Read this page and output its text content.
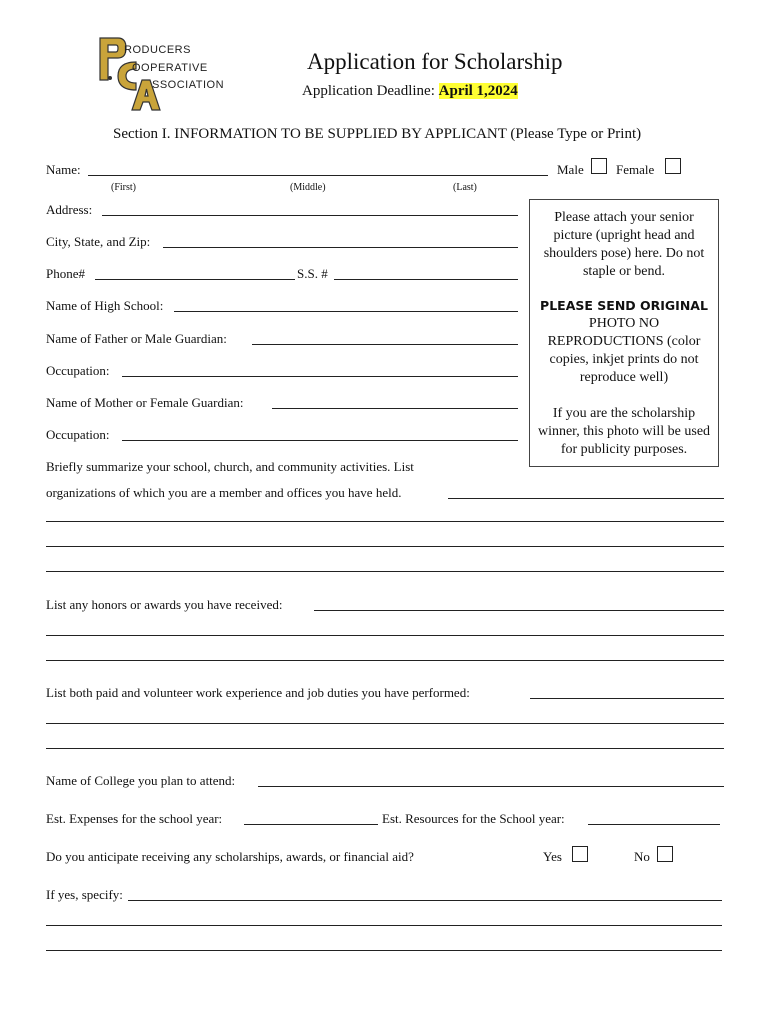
RODUCERS
OOPERATIVE
SSOCIATION
Application for Scholarship
Application Deadline: April 1,2024
Section I. INFORMATION TO BE SUPPLIED BY APPLICANT (Please Type or Print)
Name:	Male Female
(First)	(Middle)	(Last)
Address:
City, State, and Zip:
Phone#	S.S. #
Name of High School:
Name of Father or Male Guardian:
Occupation:
Name of Mother or Female Guardian:
Occupation:

Please attach your senior picture (upright head and shoulders pose) here. Do not staple or bend.

PLEASE SEND ORIGINAL

PHOTO NO REPRODUCTIONS (color copies, inkjet prints do not reproduce well)

If you are the scholarship winner, this photo will be used for publicity purposes.

Briefly summarize your school, church, and community activities. List
organizations of which you are a member and offices you have held.
List any honors or awards you have received:
List both paid and volunteer work experience and job duties you have performed:
Name of College you plan to attend:
Est. Expenses for the school year:	Est. Resources for the School year:
Do you anticipate receiving any scholarships, awards, or financial aid?	Yes	No
If yes, specify:
